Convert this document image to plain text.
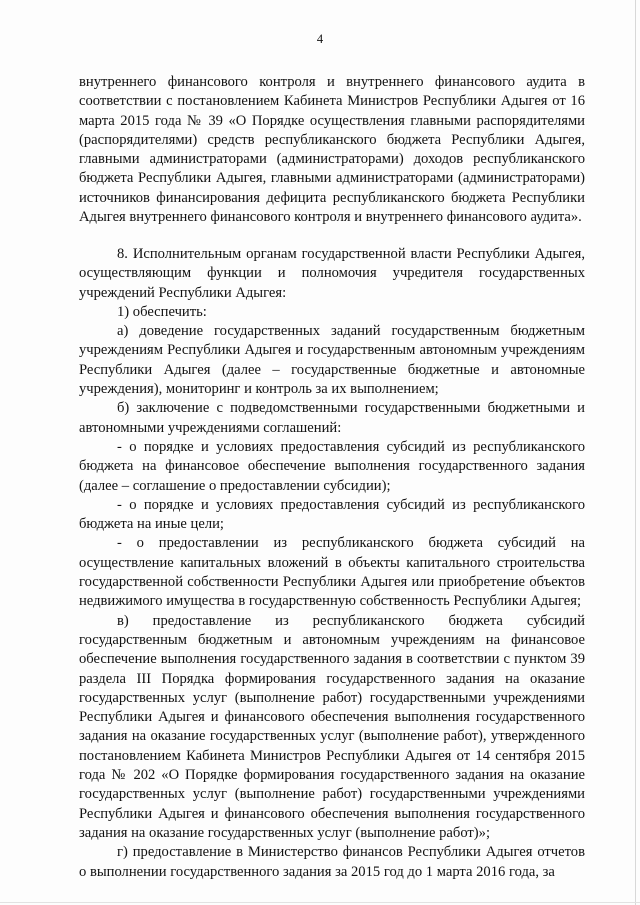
4

внутреннего финансового контроля и внутреннего финансового аудита в соответствии с постановлением Кабинета Министров Республики Адыгея от 16 марта 2015 года № 39 «О Порядке осуществления главными распорядителями (распорядителями) средств республиканского бюджета Республики Адыгея, главными администраторами (администраторами) доходов республиканского бюджета Республики Адыгея, главными администраторами (администраторами) источников финансирования дефицита республиканского бюджета Республики Адыгея внутреннего финансового контроля и внутреннего финансового аудита».

8. Исполнительным органам государственной власти Республики Адыгея, осуществляющим функции и полномочия учредителя государственных учреждений Республики Адыгея:

1) обеспечить:

а) доведение государственных заданий государственным бюджетным учреждениям Республики Адыгея и государственным автономным учреждениям Республики Адыгея (далее – государственные бюджетные и автономные учреждения), мониторинг и контроль за их выполнением;

б) заключение с подведомственными государственными бюджетными и автономными учреждениями соглашений:

- о порядке и условиях предоставления субсидий из республиканского бюджета на финансовое обеспечение выполнения государственного задания (далее – соглашение о предоставлении субсидии);

- о порядке и условиях предоставления субсидий из республиканского бюджета на иные цели;

- о предоставлении из республиканского бюджета субсидий на осуществление капитальных вложений в объекты капитального строительства государственной собственности Республики Адыгея или приобретение объектов недвижимого имущества в государственную собственность Республики Адыгея;

в) предоставление из республиканского бюджета субсидий государственным бюджетным и автономным учреждениям на финансовое обеспечение выполнения государственного задания в соответствии с пунктом 39 раздела III Порядка формирования государственного задания на оказание государственных услуг (выполнение работ) государственными учреждениями Республики Адыгея и финансового обеспечения выполнения государственного задания на оказание государственных услуг (выполнение работ), утвержденного постановлением Кабинета Министров Республики Адыгея от 14 сентября 2015 года № 202 «О Порядке формирования государственного задания на оказание государственных услуг (выполнение работ) государственными учреждениями Республики Адыгея и финансового обеспечения выполнения государственного задания на оказание государственных услуг (выполнение работ)»;

г) предоставление в Министерство финансов Республики Адыгея отчетов о выполнении государственного задания за 2015 год до 1 марта 2016 года, за
